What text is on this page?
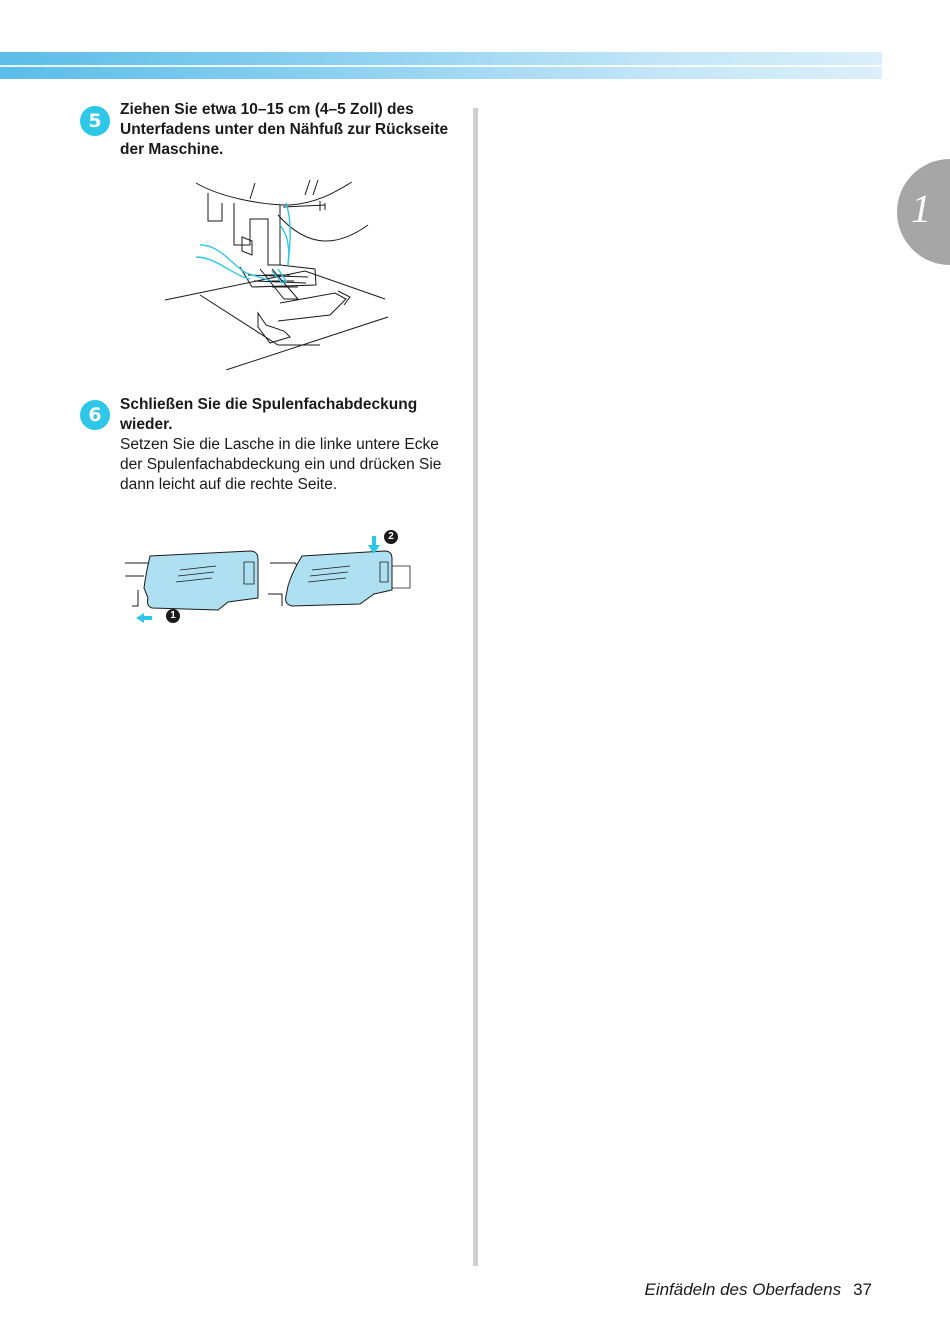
1
5
Ziehen Sie etwa 10–15 cm (4–5 Zoll) des Unterfadens unter den Nähfuß zur Rückseite der Maschine.
6	Schließen Sie die Spulenfachabdeckung wieder.
Setzen Sie die Lasche in die linke untere Ecke der Spulenfachabdeckung ein und drücken Sie dann leicht auf die rechte Seite.
1
2
Einfädeln des Oberfadens 37
